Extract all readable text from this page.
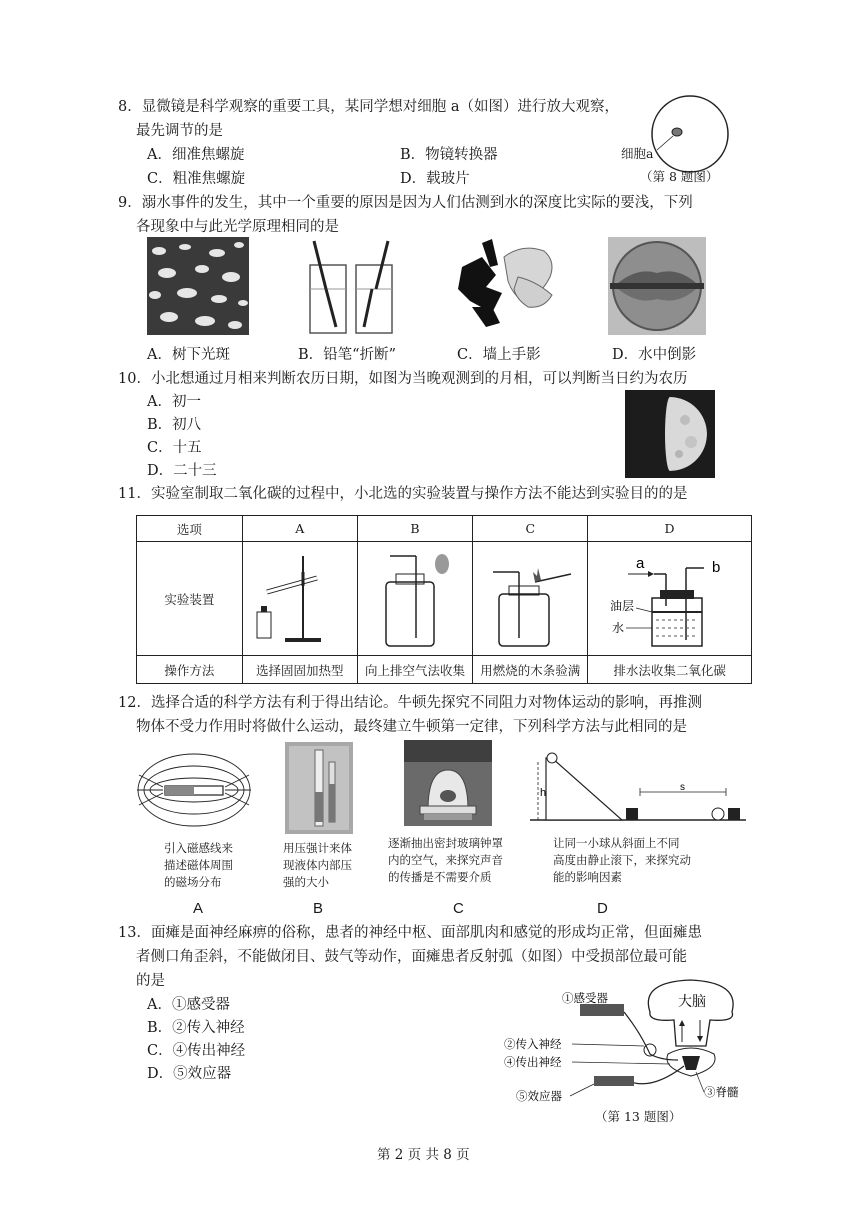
8．显微镜是科学观察的重要工具，某同学想对细胞 a（如图）进行放大观察，
最先调节的是
A．细准焦螺旋	B．物镜转换器
C．粗准焦螺旋	D．载玻片
细胞a
（第 8 题图）
9．溺水事件的发生，其中一个重要的原因是因为人们估测到水的深度比实际的要浅，下列
各现象中与此光学原理相同的是
A．树下光斑	B．铅笔“折断”	C．墙上手影	D．水中倒影
10．小北想通过月相来判断农历日期，如图为当晚观测到的月相，可以判断当日约为农历
A．初一
B．初八
C．十五
D．二十三
11．实验室制取二氧化碳的过程中，小北选的实验装置与操作方法不能达到实验目的的是
选项	A	B	C	D
实验装置				a b
油层
水

操作方法	选择固固加热型	向上排空气法收集	用燃烧的木条验满	排水法收集二氧化碳
12．选择合适的科学方法有利于得出结论。牛顿先探究不同阻力对物体运动的影响，再推测
物体不受力作用时将做什么运动，最终建立牛顿第一定律，下列科学方法与此相同的是
h	s
引入磁感线来
描述磁体周围
的磁场分布
用压强计来体
现液体内部压
强的大小
逐渐抽出密封玻璃钟罩
内的空气，来探究声音
的传播是不需要介质
让同一小球从斜面上不同
高度由静止滚下，来探究动
能的影响因素
A	B	C	D
13．面瘫是面神经麻痹的俗称，患者的神经中枢、面部肌肉和感觉的形成均正常，但面瘫患
者侧口角歪斜，不能做闭目、鼓气等动作，面瘫患者反射弧（如图）中受损部位最可能
的是
A．①感受器
B．②传入神经
C．④传出神经
D．⑤效应器
大脑
①感受器
②传入神经
④传出神经
⑤效应器	③脊髓
（第 13 题图）
第 2 页 共 8 页
